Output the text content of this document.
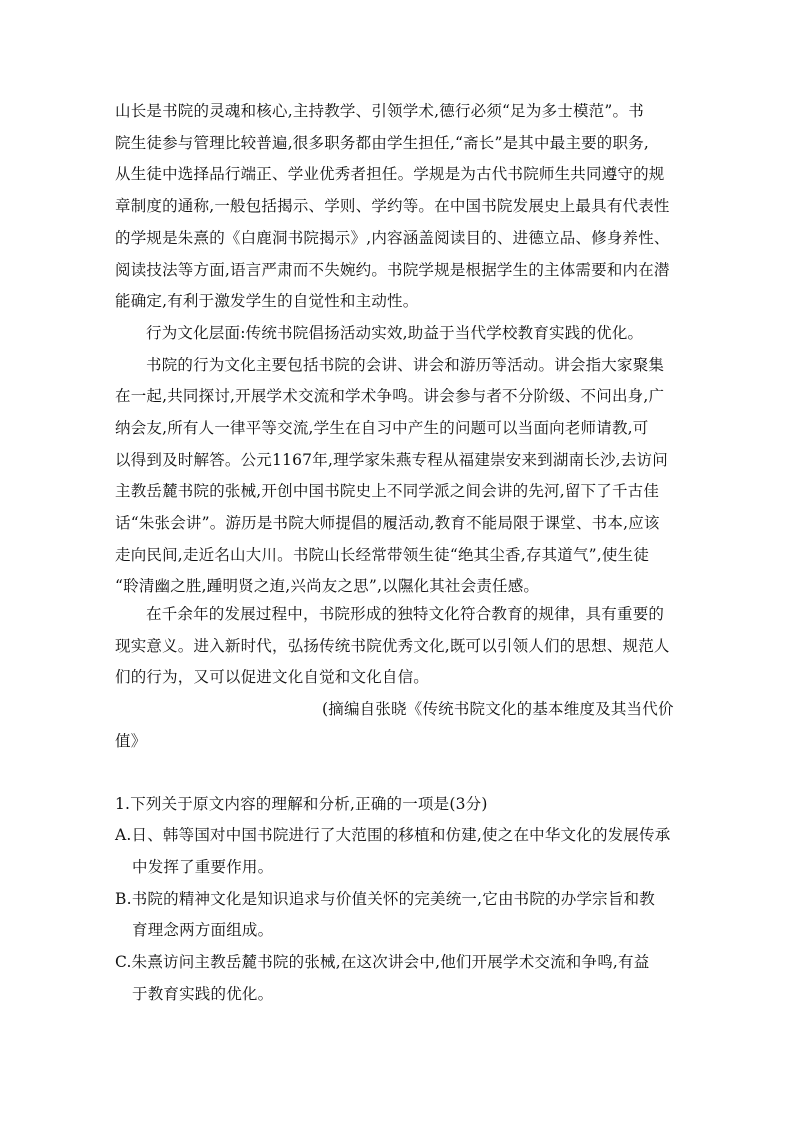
山长是书院的灵魂和核心,主持教学、引领学术,德行必须“足为多士模范”。书
院生徒参与管理比较普遍,很多职务都由学生担任,“斋长”是其中最主要的职务,
从生徒中选择品行端正、学业优秀者担任。学规是为古代书院师生共同遵守的规
章制度的通称,一般包括揭示、学则、学约等。在中国书院发展史上最具有代表性
的学规是朱熹的《白鹿洞书院揭示》,内容涵盖阅读目的、进德立品、修身养性、
阅读技法等方面,语言严肃而不失婉约。书院学规是根据学生的主体需要和内在潜
能确定,有利于激发学生的自觉性和主动性。
行为文化层面:传统书院倡扬活动实效,助益于当代学校教育实践的优化。
书院的行为文化主要包括书院的会讲、讲会和游历等活动。讲会指大家聚集
在一起,共同探讨,开展学术交流和学术争鸣。讲会参与者不分阶级、不问出身,广
纳会友,所有人一律平等交流,学生在自习中产生的问题可以当面向老师请教,可
以得到及时解答。公元1167年,理学家朱燕专程从福建崇安来到湖南长沙,去访问
主教岳麓书院的张械,开创中国书院史上不同学派之间会讲的先河,留下了千古佳
话“朱张会讲”。游历是书院大师提倡的履活动,教育不能局限于课堂、书本,应该
走向民间,走近名山大川。书院山长经常带领生徒“绝其尘香,存其道气”,使生徒
“聆清幽之胜,踵明贤之迶,兴尚友之思”,以隰化其社会责任感。
在千余年的发展过程中，书院形成的独特文化符合教育的规律，具有重要的
现实意义。进入新时代，弘扬传统书院优秀文化,既可以引领人们的思想、规范人
们的行为，又可以促进文化自觉和文化自信。
(摘编自张晓《传统书院文化的基本维度及其当代价
值》
1.下列关于原文内容的理解和分析,正确的一项是(3分)
A.日、韩等国对中国书院进行了大范围的移植和仿建,使之在中华文化的发展传承
中发挥了重要作用。
B.书院的精神文化是知识追求与价值关怀的完美统一,它由书院的办学宗旨和教
育理念两方面组成。
C.朱熹访问主教岳麓书院的张械,在这次讲会中,他们开展学术交流和争鸣,有益
于教育实践的优化。
